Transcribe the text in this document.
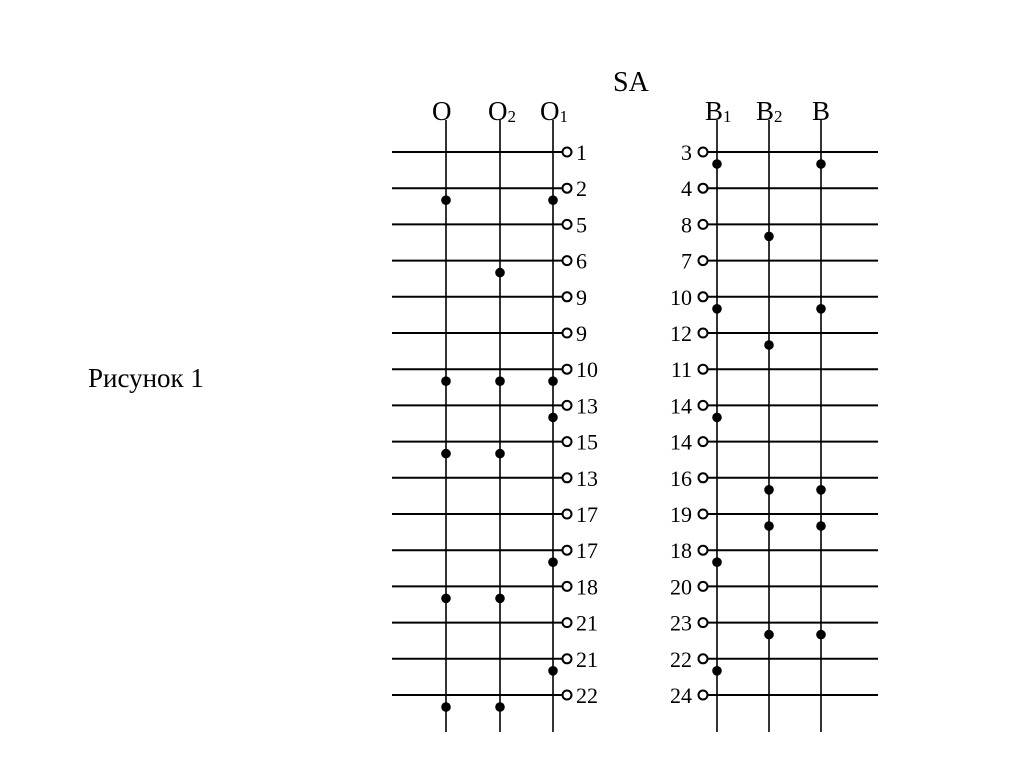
Рисунок 1
SA
O O2 O1
1
2
5
6
9
9
10
13
15
13
17
17
18
21
21
22
B1 B2 B
3
4
8
7
10
12
11
14
14
16
19
18
20
23
22
24
